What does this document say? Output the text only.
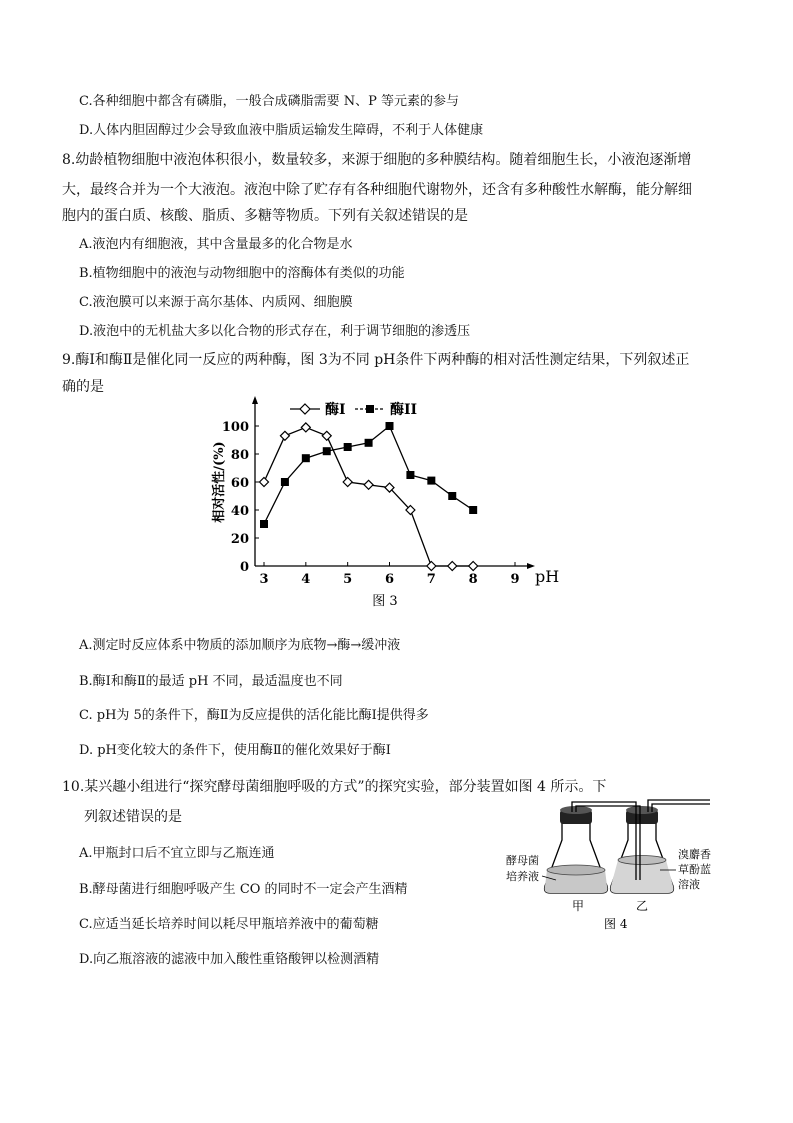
C.各种细胞中都含有磷脂，一般合成磷脂需要 N、P 等元素的参与
D.人体内胆固醇过少会导致血液中脂质运输发生障碍，不利于人体健康
8.幼龄植物细胞中液泡体积很小，数量较多，来源于细胞的多种膜结构。随着细胞生长，小液泡逐渐增
大，最终合并为一个大液泡。液泡中除了贮存有各种细胞代谢物外，还含有多种酸性水解酶，能分解细
胞内的蛋白质、核酸、脂质、多糖等物质。下列有关叙述错误的是
A.液泡内有细胞液，其中含量最多的化合物是水
B.植物细胞中的液泡与动物细胞中的溶酶体有类似的功能
C.液泡膜可以来源于高尔基体、内质网、细胞膜
D.液泡中的无机盐大多以化合物的形式存在，利于调节细胞的渗透压
9.酶Ⅰ和酶Ⅱ是催化同一反应的两种酶，图 3为不同 pH条件下两种酶的相对活性测定结果，下列叙述正
确的是
相对活性/(%)
pH
3	4	5	6	7	8	9
0
20
40
60
80
100
酶I	酶II
图 3
A.测定时反应体系中物质的添加顺序为底物→酶→缓冲液
B.酶Ⅰ和酶Ⅱ的最适 pH 不同，最适温度也不同
C. pH为 5的条件下，酶Ⅱ为反应提供的活化能比酶Ⅰ提供得多
D. pH变化较大的条件下，使用酶Ⅱ的催化效果好于酶Ⅰ
10.某兴趣小组进行“探究酵母菌细胞呼吸的方式”的探究实验，部分装置如图 4 所示。下
列叙述错误的是
A.甲瓶封口后不宜立即与乙瓶连通
B.酵母菌进行细胞呼吸产生 CO 的同时不一定会产生酒精
C.应适当延长培养时间以耗尽甲瓶培养液中的葡萄糖
D.向乙瓶溶液的滤液中加入酸性重铬酸钾以检测酒精
酵母菌
培养液
溴麝香
草酚蓝
溶液
甲	乙
图 4
